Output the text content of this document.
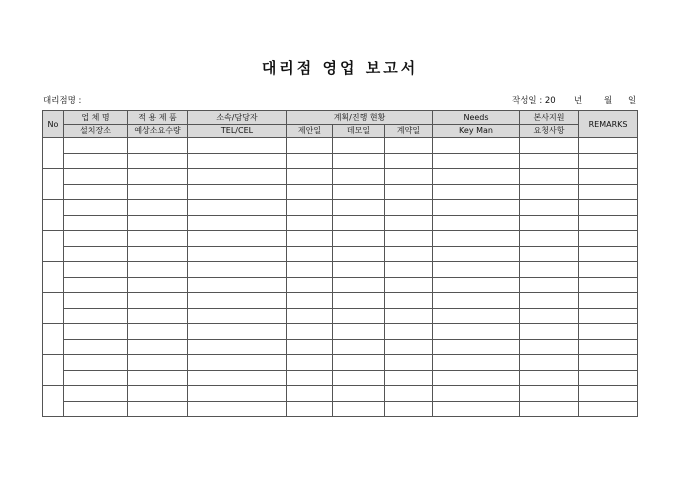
대리점 영업 보고서
대리점명 :	작성일 : 20 년	월 일
No	업 체 명	적 용 제 품	소속/담당자	계획/진행 현황			Needs	본사지원	REMARKS
	설치장소	예상소요수량	TEL/CEL	제안일	데모일	계약일	Key Man	요청사항	
